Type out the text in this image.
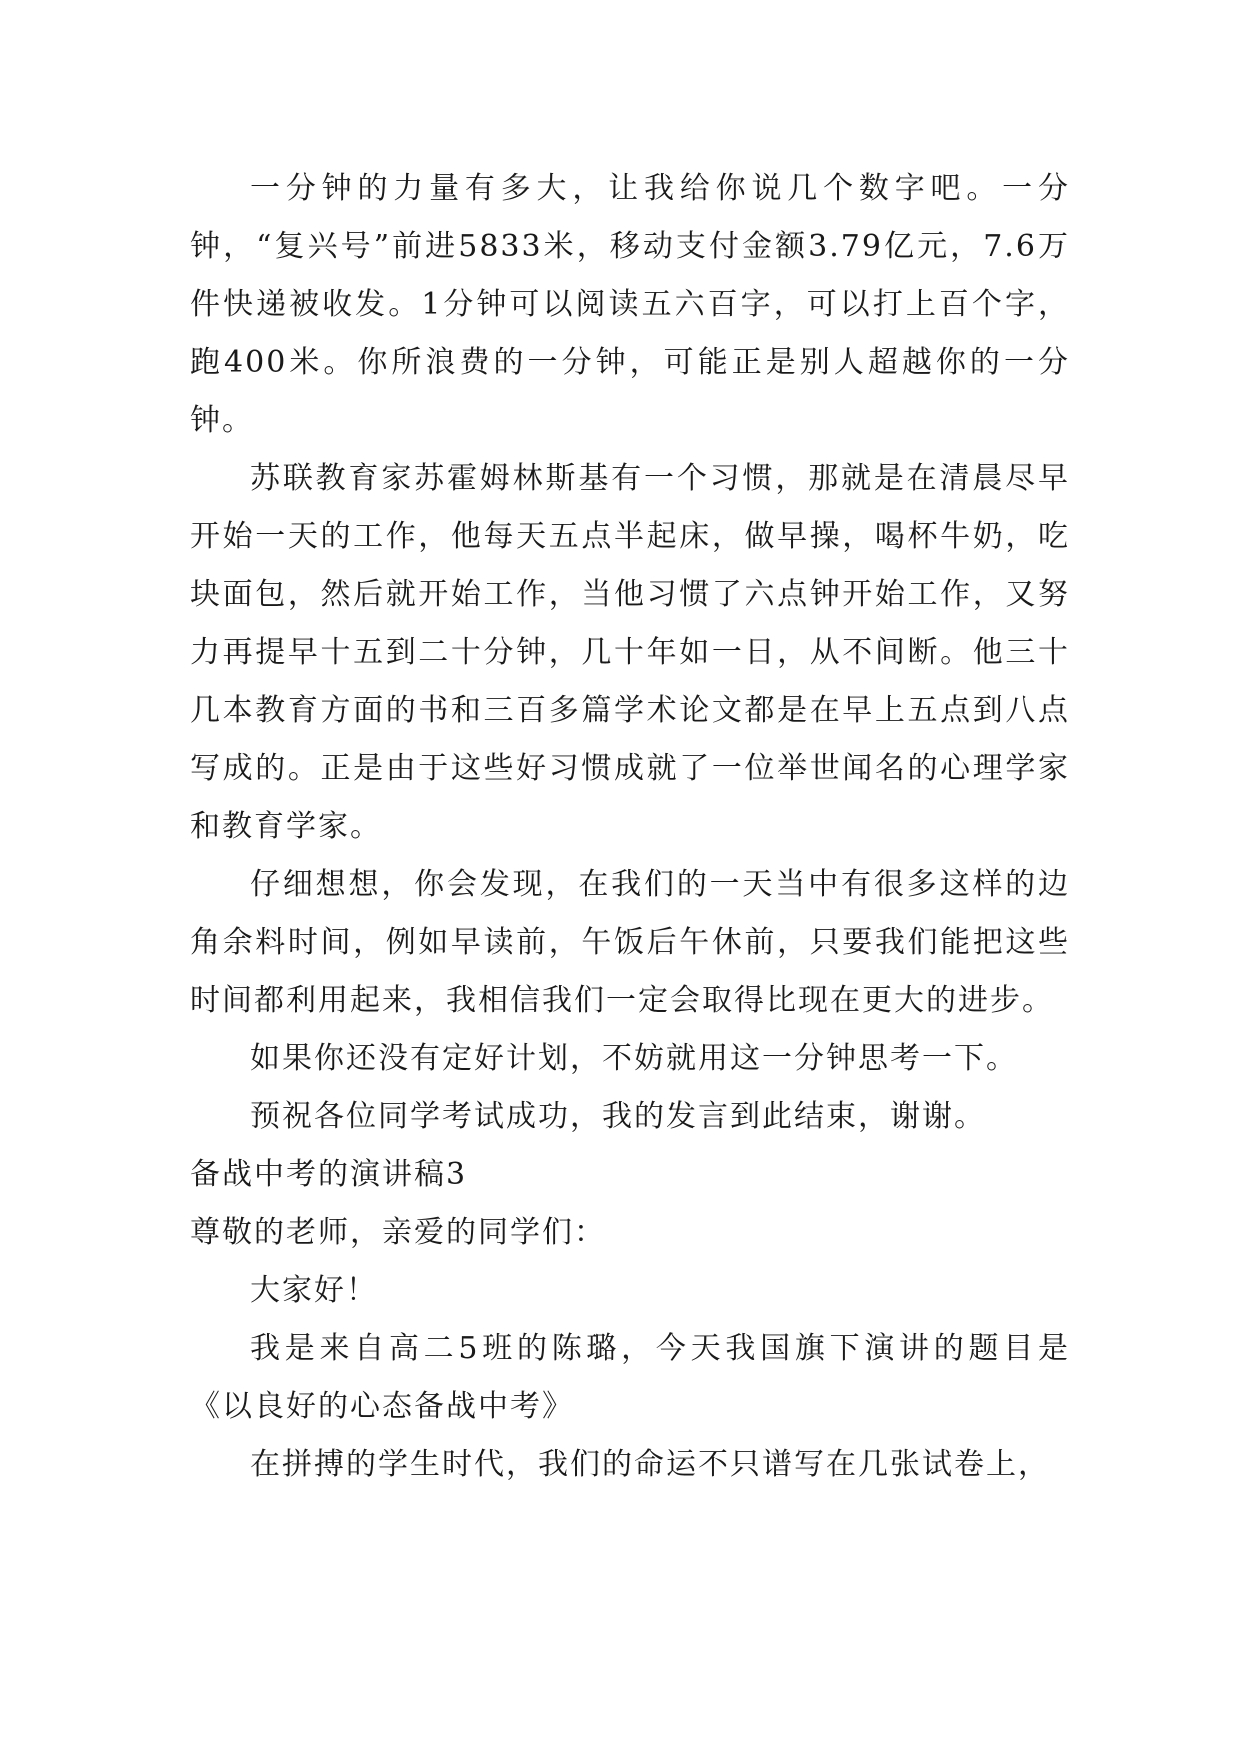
一分钟的力量有多大，让我给你说几个数字吧。一分钟，“复兴号”前进5833米，移动支付金额3.79亿元，7.6万件快递被收发。1分钟可以阅读五六百字，可以打上百个字，跑400米。你所浪费的一分钟，可能正是别人超越你的一分钟。

苏联教育家苏霍姆林斯基有一个习惯，那就是在清晨尽早开始一天的工作，他每天五点半起床，做早操，喝杯牛奶，吃块面包，然后就开始工作，当他习惯了六点钟开始工作，又努力再提早十五到二十分钟，几十年如一日，从不间断。他三十几本教育方面的书和三百多篇学术论文都是在早上五点到八点写成的。正是由于这些好习惯成就了一位举世闻名的心理学家和教育学家。

仔细想想，你会发现，在我们的一天当中有很多这样的边角余料时间，例如早读前，午饭后午休前，只要我们能把这些时间都利用起来，我相信我们一定会取得比现在更大的进步。

如果你还没有定好计划，不妨就用这一分钟思考一下。

预祝各位同学考试成功，我的发言到此结束，谢谢。

备战中考的演讲稿3

尊敬的老师，亲爱的同学们：

大家好！

我是来自高二5班的陈璐，今天我国旗下演讲的题目是《以良好的心态备战中考》

在拼搏的学生时代，我们的命运不只谱写在几张试卷上，
